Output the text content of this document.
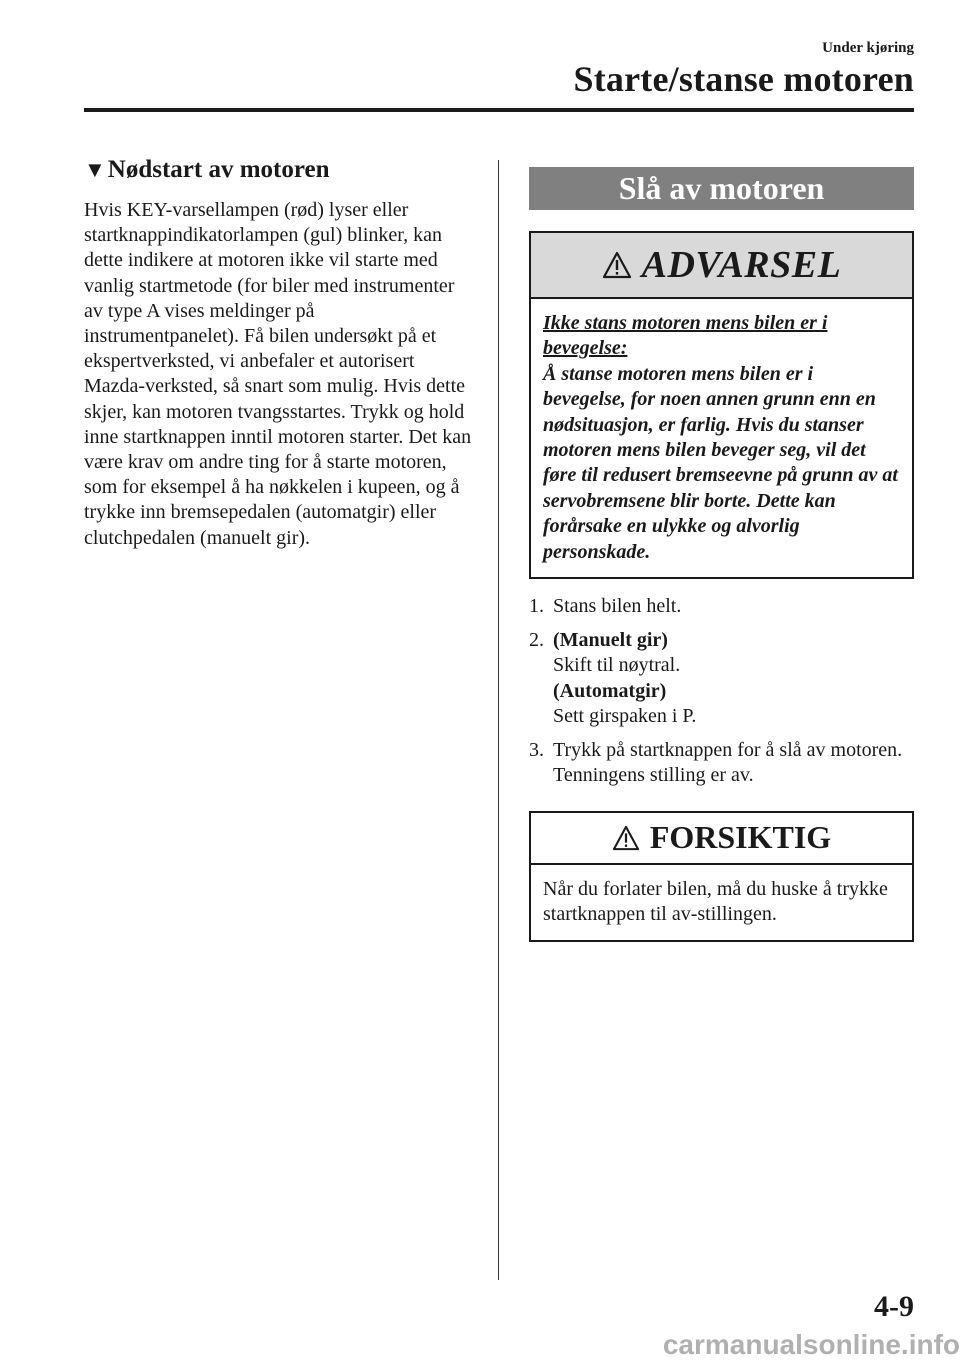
Under kjøring
Starte/stanse motoren
▼ Nødstart av motoren

Hvis KEY-varsellampen (rød) lyser eller startknappindikatorlampen (gul) blinker, kan dette indikere at motoren ikke vil starte med vanlig startmetode (for biler med instrumenter av type A vises meldinger på instrumentpanelet). Få bilen undersøkt på et ekspertverksted, vi anbefaler et autorisert Mazda-verksted, så snart som mulig. Hvis dette skjer, kan motoren tvangsstartes. Trykk og hold inne startknappen inntil motoren starter. Det kan være krav om andre ting for å starte motoren, som for eksempel å ha nøkkelen i kupeen, og å trykke inn bremsepedalen (automatgir) eller clutchpedalen (manuelt gir).

Slå av motoren
ADVARSEL

Ikke stans motoren mens bilen er i bevegelse:

Å stanse motoren mens bilen er i bevegelse, for noen annen grunn enn en nødsituasjon, er farlig. Hvis du stanser motoren mens bilen beveger seg, vil det føre til redusert bremseevne på grunn av at servobremsene blir borte. Dette kan forårsake en ulykke og alvorlig personskade.

1. Stans bilen helt.

2. (Manuelt gir)

Skift til nøytral.

(Automatgir)

Sett girspaken i P.

3. Trykk på startknappen for å slå av motoren. Tenningens stilling er av.

FORSIKTIG

Når du forlater bilen, må du huske å trykke startknappen til av-stillingen.

4-9
carmanualsonline.info
